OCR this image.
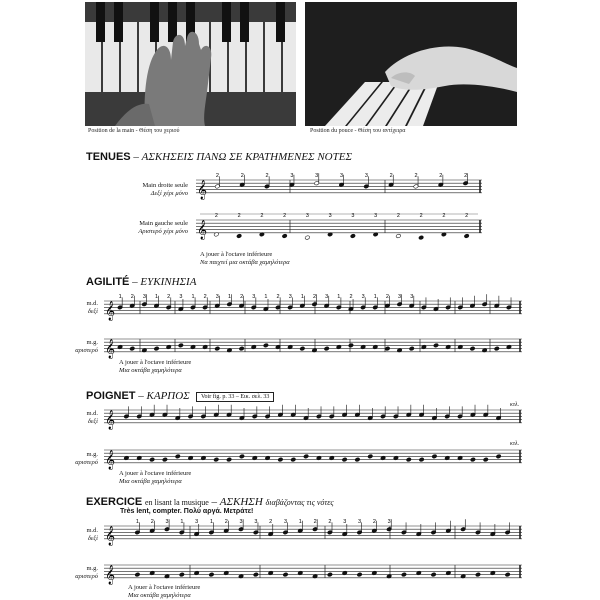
Position de la main - Θέση του χεριού	Position du pouce - Θέση του αντίχειρα
TENUES – ΑΣΚΗΣΕΙΣ ΠΑΝΩ ΣΕ ΚΡΑΤΗΜΕΝΕΣ ΝΟΤΕΣ
Main droite seule
Δεξί χέρι μόνο
Main gauche seule
Αριστερό χέρι μόνο
𝄞
2	2	2	3	3	3	3	2	2	2	2
𝄞
2	2	2	2	3	3	3	3	2	2	2	2
𝄞
1 2 3 1 2 3 1 2 3 1 2 3 1 2 3 1 2 3 1 2 3 1 2 3 3
𝄞
𝄞
𝄞
𝄞
1 2 3 1 3 1 2 3 3 2 3 1 2 2 3 3 2 3
𝄞
A jouer à l'octave inférieure
Να παιχτεί μια οκτάβα χαμηλότερα
AGILITÉ – ΕΥΚΙΝΗΣΙΑ
m.d.
δεξί
m.g.
αριστερό
A jouer à l'octave inférieure
Μια οκτάβα χαμηλότερα
POIGNET – ΚΑΡΠΟΣ	Voir fig. p. 33 – Εικ. σελ. 33
m.d.
δεξί
m.g.
αριστερό
κτλ.
κτλ.
A jouer à l'octave inférieure
Μια οκτάβα χαμηλότερα
EXERCICE en lisant la musique – ΑΣΚΗΣΗ διαβάζοντας τις νότες
Très lent, compter. Πολύ αργά. Μετράτε!
m.d.
δεξί
m.g.
αριστερό
A jouer à l'octave inférieure
Μια οκτάβα χαμηλότερα
